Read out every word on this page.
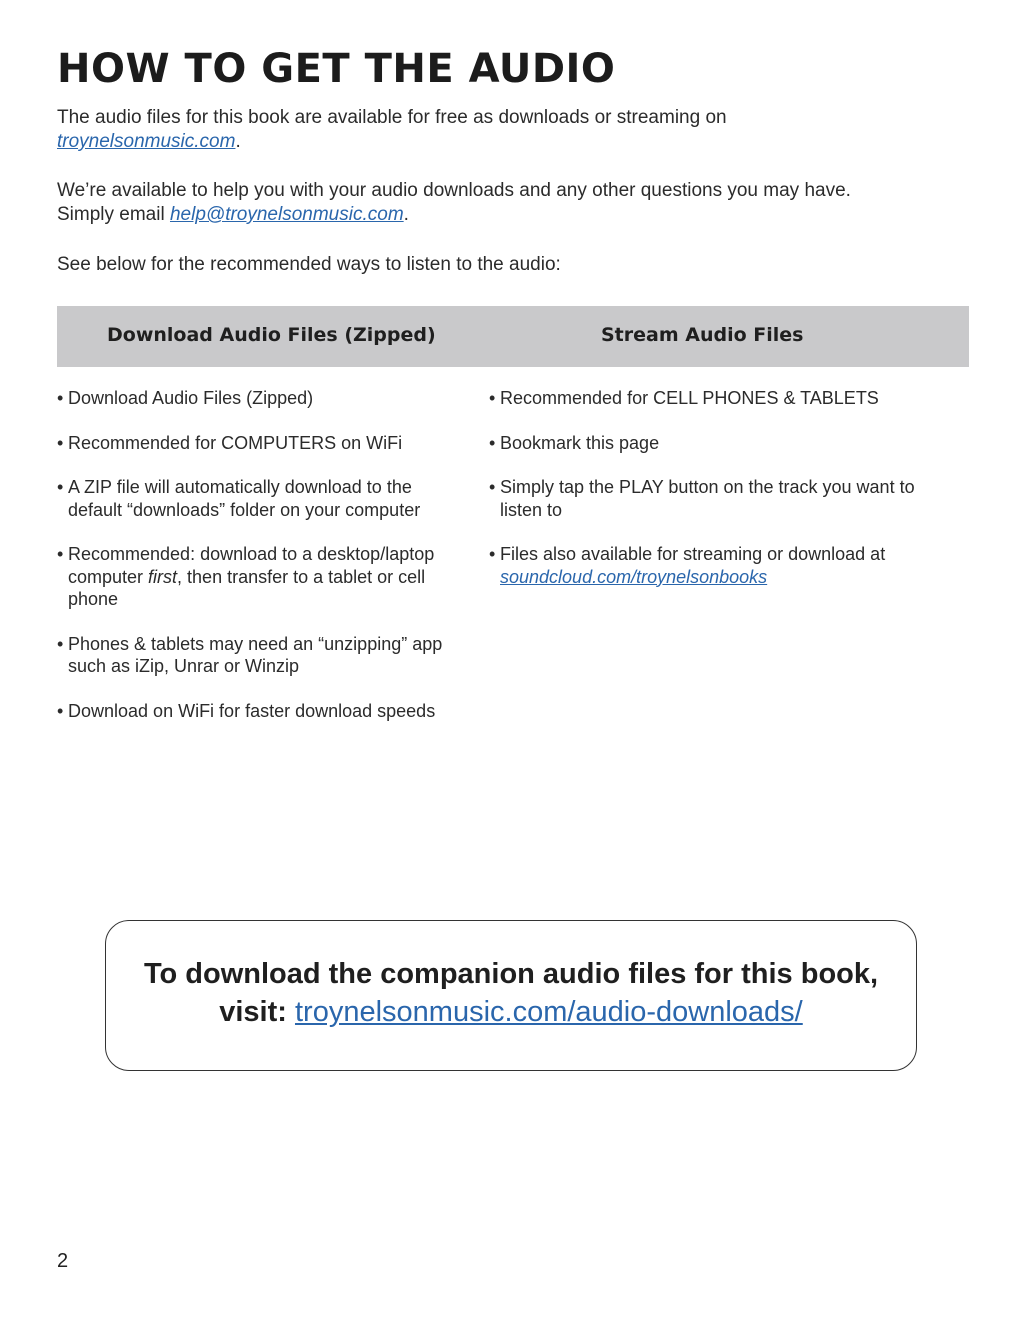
HOW TO GET THE AUDIO

The audio files for this book are available for free as downloads or streaming on
troynelsonmusic.com.

We’re available to help you with your audio downloads and any other questions you may have.
Simply email help@troynelsonmusic.com.

See below for the recommended ways to listen to the audio:

Download Audio Files (Zipped)	Stream Audio Files
• Download Audio Files (Zipped)
• Recommended for COMPUTERS on WiFi
• A ZIP file will automatically download to the default “downloads” folder on your computer
• Recommended: download to a desktop/laptop computer first, then transfer to a tablet or cell phone
• Phones & tablets may need an “unzipping” app such as iZip, Unrar or Winzip
• Download on WiFi for faster download speeds
• Recommended for CELL PHONES & TABLETS
• Bookmark this page
• Simply tap the PLAY button on the track you want to listen to
• Files also available for streaming or download at soundcloud.com/troynelsonbooks

To download the companion audio files for this book,

visit: troynelsonmusic.com/audio-downloads/

2
